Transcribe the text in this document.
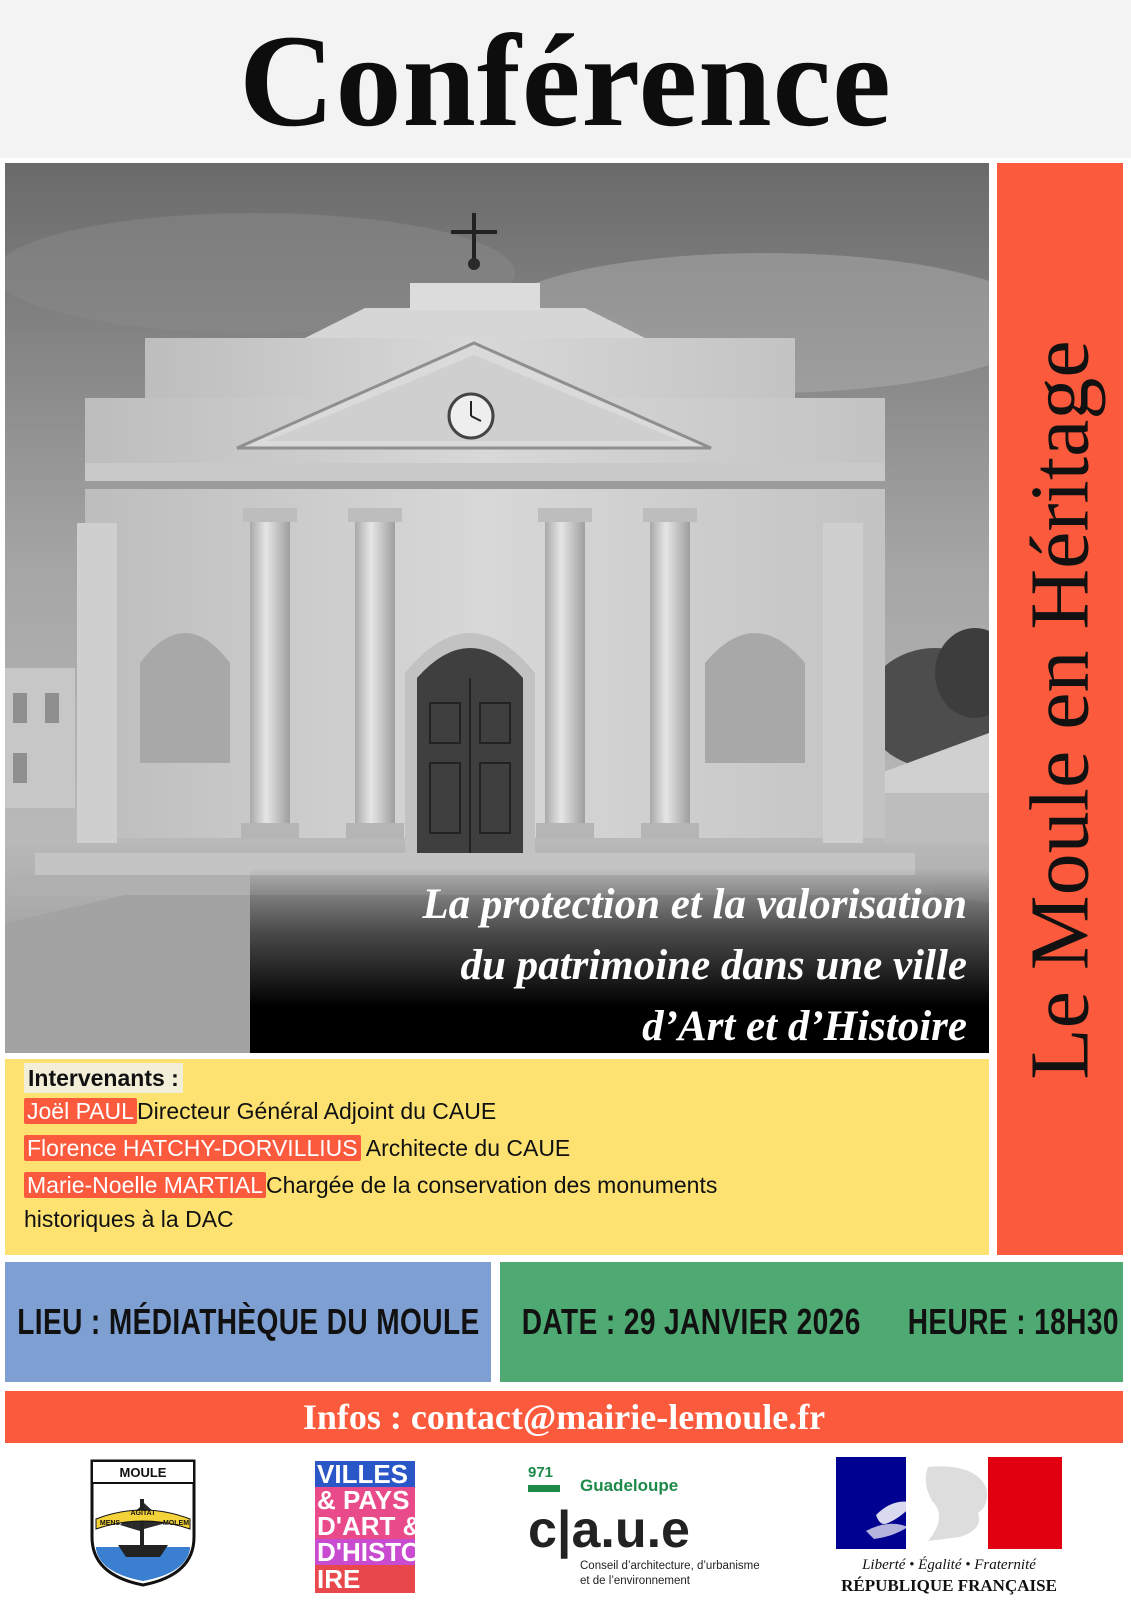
Conférence
La protection et la valorisation
du patrimoine dans une ville
d’Art et d’Histoire Le Moule en Héritage
Intervenants :
Joël PAUL Directeur Général Adjoint du CAUE
Florence HATCHY-DORVILLIUS Architecte du CAUE
Marie-Noelle MARTIAL Chargée de la conservation des monuments
historiques à la DAC
LIEU : MÉDIATHÈQUE DU MOULE DATE : 29 JANVIER 2026 HEURE : 18H30
Infos : contact@mairie-lemoule.fr
MOULE
MENS
AGITAT
MOLEM
VILLES
& PAYS
D'ART &
D'HISTO
IRE
971
Guadeloupe
c|a.u.e
Conseil d’architecture, d’urbanisme
et de l’environnement
Liberté • Égalité • Fraternité
RÉPUBLIQUE FRANÇAISE
